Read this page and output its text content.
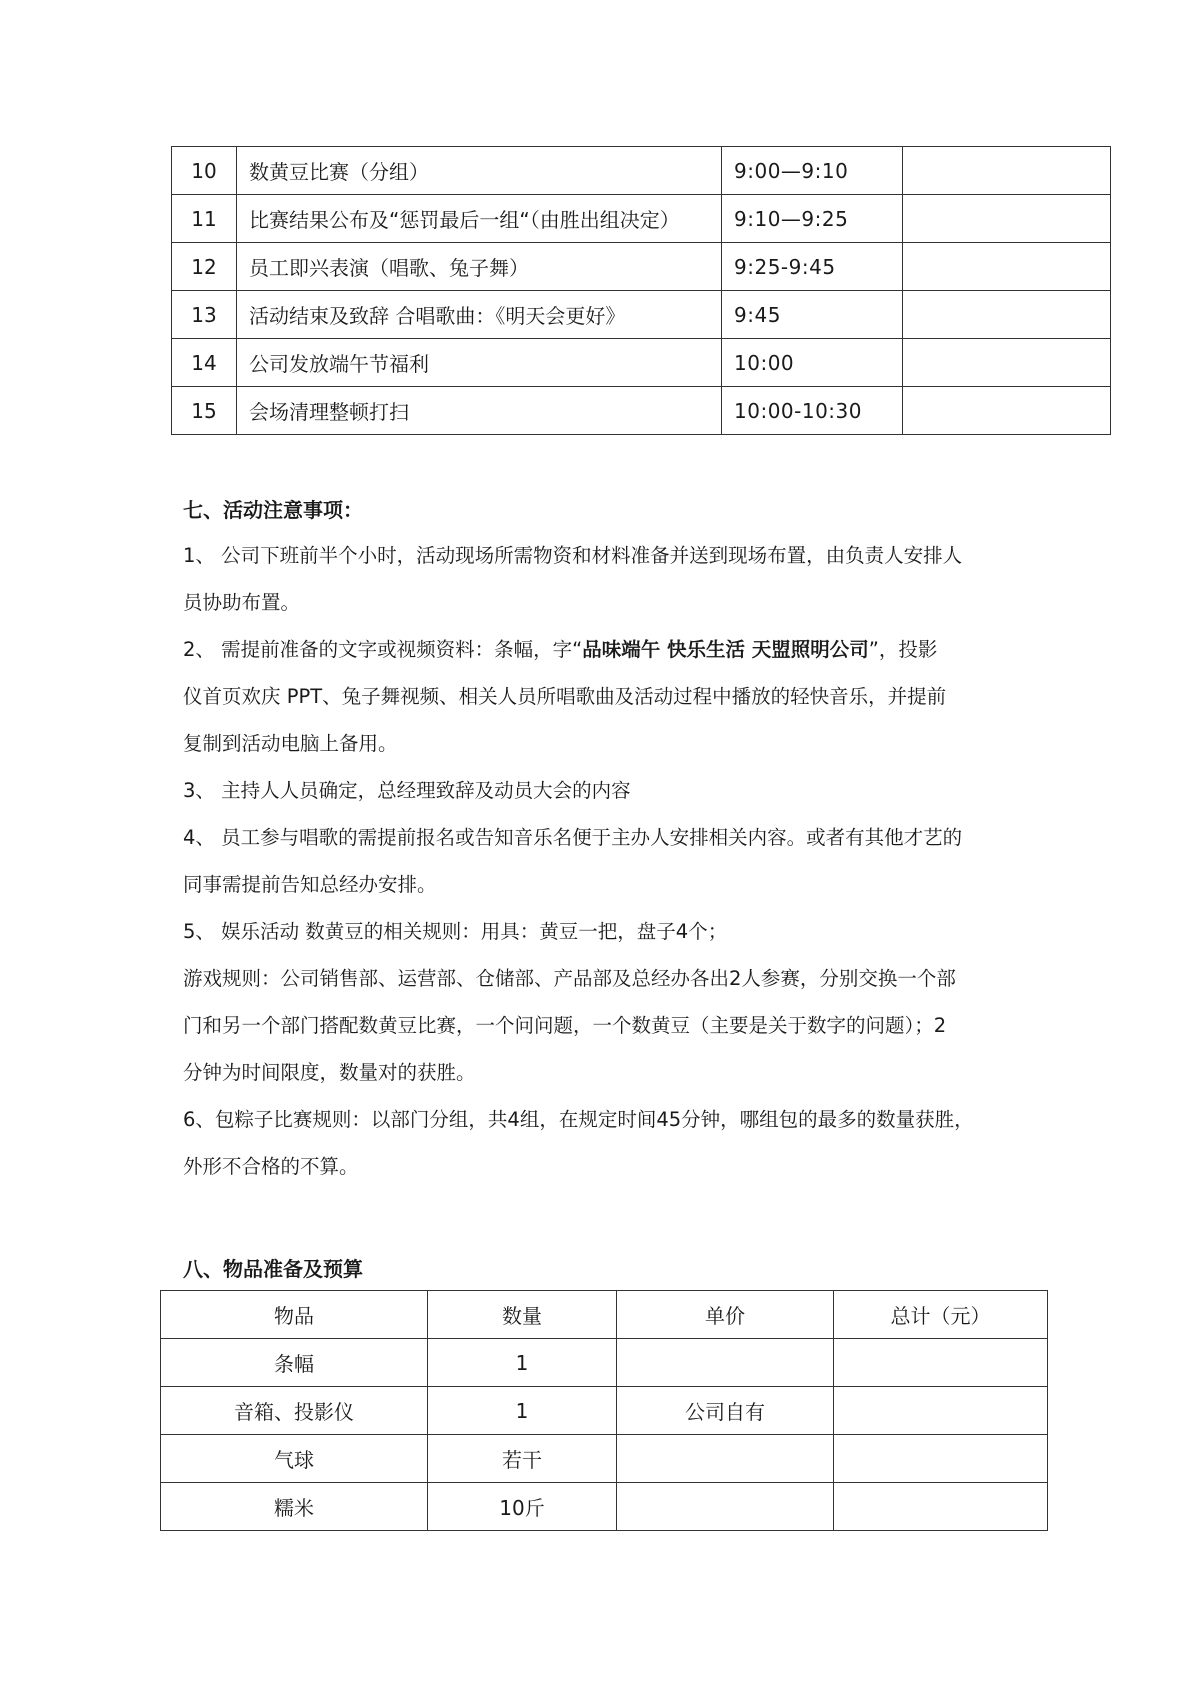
10	数黄豆比赛（分组）	9:00—9:10	
11	比赛结果公布及“惩罚最后一组“（由胜出组决定）	9:10—9:25	
12	员工即兴表演（唱歌、兔子舞）	9:25-9:45	
13	活动结束及致辞 合唱歌曲：《明天会更好》	9:45	
14	公司发放端午节福利	10:00	
15	会场清理整顿打扫	10:00-10:30	
七、活动注意事项：

1、 公司下班前半个小时，活动现场所需物资和材料准备并送到现场布置，由负责人安排人

员协助布置。

2、 需提前准备的文字或视频资料：条幅，字“品味端午 快乐生活 天盟照明公司”，投影

仪首页欢庆 PPT、兔子舞视频、相关人员所唱歌曲及活动过程中播放的轻快音乐，并提前

复制到活动电脑上备用。

3、 主持人人员确定，总经理致辞及动员大会的内容

4、 员工参与唱歌的需提前报名或告知音乐名便于主办人安排相关内容。或者有其他才艺的

同事需提前告知总经办安排。

5、 娱乐活动 数黄豆的相关规则：用具：黄豆一把，盘子4个；

游戏规则：公司销售部、运营部、仓储部、产品部及总经办各出2人参赛，分别交换一个部

门和另一个部门搭配数黄豆比赛，一个问问题，一个数黄豆（主要是关于数字的问题）；2

分钟为时间限度，数量对的获胜。

6、包粽子比赛规则：以部门分组，共4组，在规定时间45分钟，哪组包的最多的数量获胜，

外形不合格的不算。

八、物品准备及预算
物品	数量	单价	总计（元）
条幅	1		
音箱、投影仪	1	公司自有	
气球	若干		
糯米	10斤		
